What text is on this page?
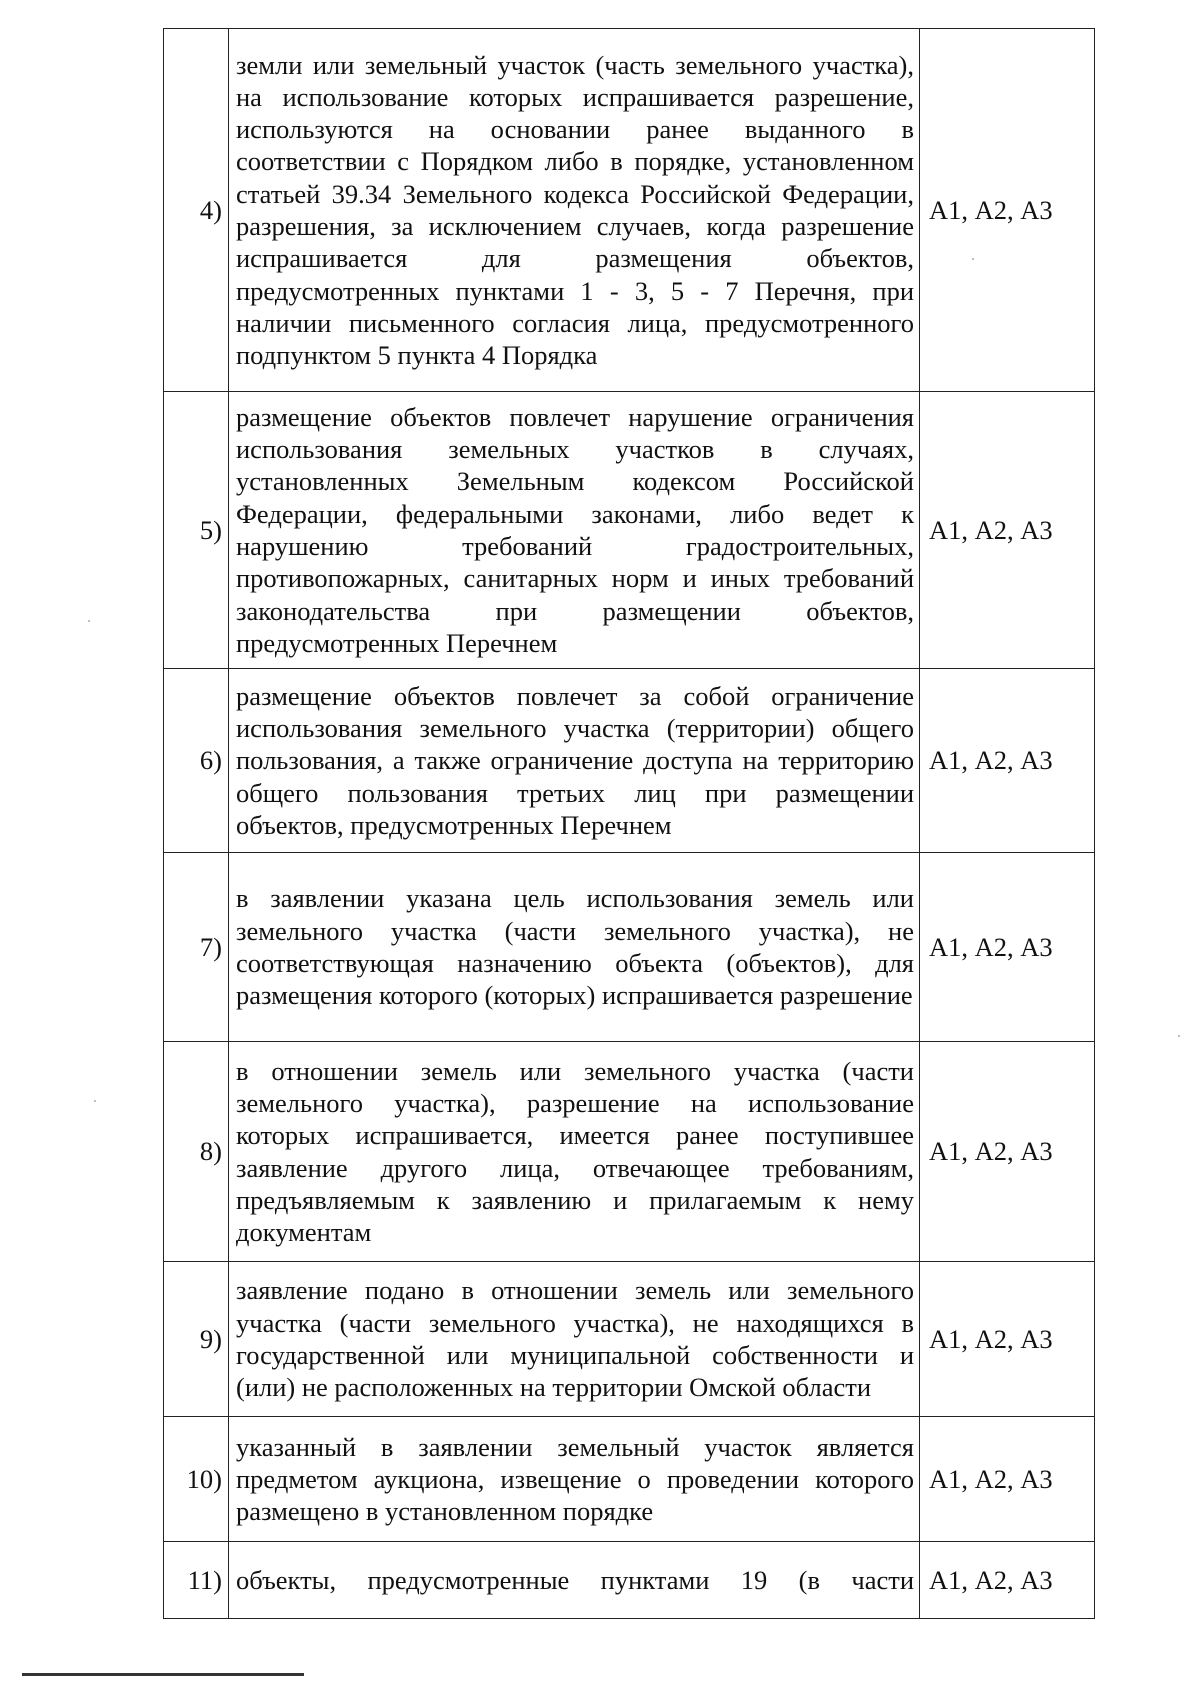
4)	земли или земельный участок (часть земельного участка), на использование которых испрашивается разрешение, используются на основании ранее выданного в соответствии с Порядком либо в порядке, установленном статьей 39.34 Земельного кодекса Российской Федерации, разрешения, за исключением случаев, когда разрешение испрашивается для размещения объектов, предусмотренных пунктами 1 - 3, 5 - 7 Перечня, при наличии письменного согласия лица, предусмотренного подпунктом 5 пункта 4 Порядка	А1, А2, А3
5)	размещение объектов повлечет нарушение ограничения использования земельных участков в случаях, установленных Земельным кодексом Российской Федерации, федеральными законами, либо ведет к нарушению требований градостроительных, противопожарных, санитарных норм и иных требований законодательства при размещении объектов, предусмотренных Перечнем	А1, А2, А3
6)	размещение объектов повлечет за собой ограничение использования земельного участка (территории) общего пользования, а также ограничение доступа на территорию общего пользования третьих лиц при размещении объектов, предусмотренных Перечнем	А1, А2, А3
7)	в заявлении указана цель использования земель или земельного участка (части земельного участка), не соответствующая назначению объекта (объектов), для размещения которого (которых) испрашивается разрешение	А1, А2, А3
8)	в отношении земель или земельного участка (части земельного участка), разрешение на использование которых испрашивается, имеется ранее поступившее заявление другого лица, отвечающее требованиям, предъявляемым к заявлению и прилагаемым к нему документам	А1, А2, А3
9)	заявление подано в отношении земель или земельного участка (части земельного участка), не находящихся в государственной или муниципальной собственности и (или) не расположенных на территории Омской области	А1, А2, А3
10)	указанный в заявлении земельный участок является предметом аукциона, извещение о проведении которого размещено в установленном порядке	А1, А2, А3
11)	объекты, предусмотренные пунктами 19 (в части	А1, А2, А3
